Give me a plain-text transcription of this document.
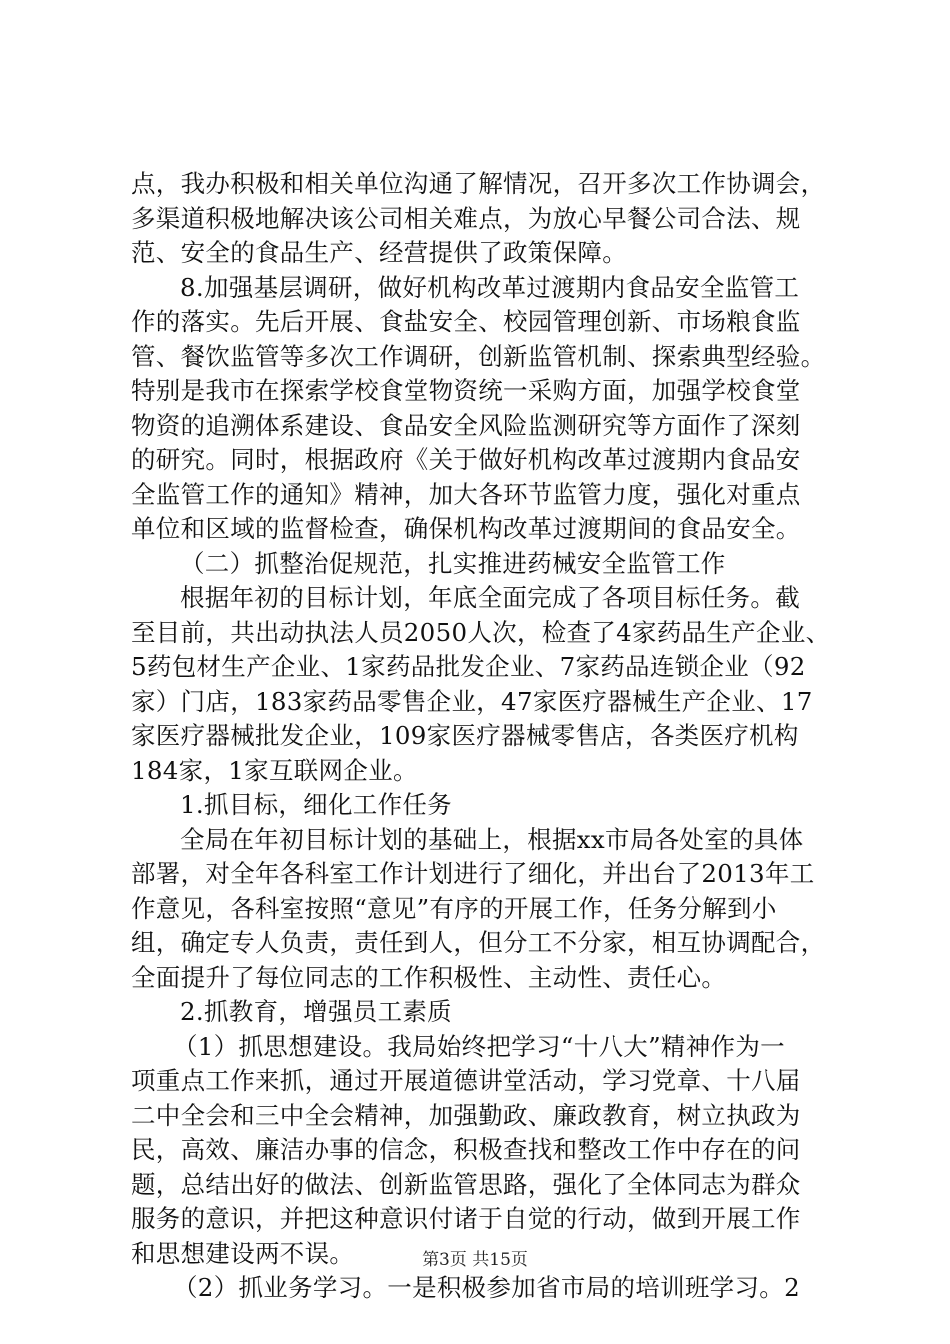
点，我办积极和相关单位沟通了解情况，召开多次工作协调会，
多渠道积极地解决该公司相关难点，为放心早餐公司合法、规
范、安全的食品生产、经营提供了政策保障。
8.加强基层调研，做好机构改革过渡期内食品安全监管工
作的落实。先后开展、食盐安全、校园管理创新、市场粮食监
管、餐饮监管等多次工作调研，创新监管机制、探索典型经验。
特别是我市在探索学校食堂物资统一采购方面，加强学校食堂
物资的追溯体系建设、食品安全风险监测研究等方面作了深刻
的研究。同时，根据政府《关于做好机构改革过渡期内食品安
全监管工作的通知》精神，加大各环节监管力度，强化对重点
单位和区域的监督检查，确保机构改革过渡期间的食品安全。
（二）抓整治促规范，扎实推进药械安全监管工作
根据年初的目标计划，年底全面完成了各项目标任务。截
至目前，共出动执法人员2050人次，检查了4家药品生产企业、
5药包材生产企业、1家药品批发企业、7家药品连锁企业（92
家）门店，183家药品零售企业，47家医疗器械生产企业、17
家医疗器械批发企业，109家医疗器械零售店，各类医疗机构
184家，1家互联网企业。
1.抓目标，细化工作任务
全局在年初目标计划的基础上，根据xx市局各处室的具体
部署，对全年各科室工作计划进行了细化，并出台了2013年工
作意见，各科室按照“意见”有序的开展工作，任务分解到小
组，确定专人负责，责任到人，但分工不分家，相互协调配合，
全面提升了每位同志的工作积极性、主动性、责任心。
2.抓教育，增强员工素质
（1）抓思想建设。我局始终把学习“十八大”精神作为一
项重点工作来抓，通过开展道德讲堂活动，学习党章、十八届
二中全会和三中全会精神，加强勤政、廉政教育，树立执政为
民，高效、廉洁办事的信念，积极查找和整改工作中存在的问
题，总结出好的做法、创新监管思路，强化了全体同志为群众
服务的意识，并把这种意识付诸于自觉的行动，做到开展工作
和思想建设两不误。
（2）抓业务学习。一是积极参加省市局的培训班学习。2
第3页 共15页
